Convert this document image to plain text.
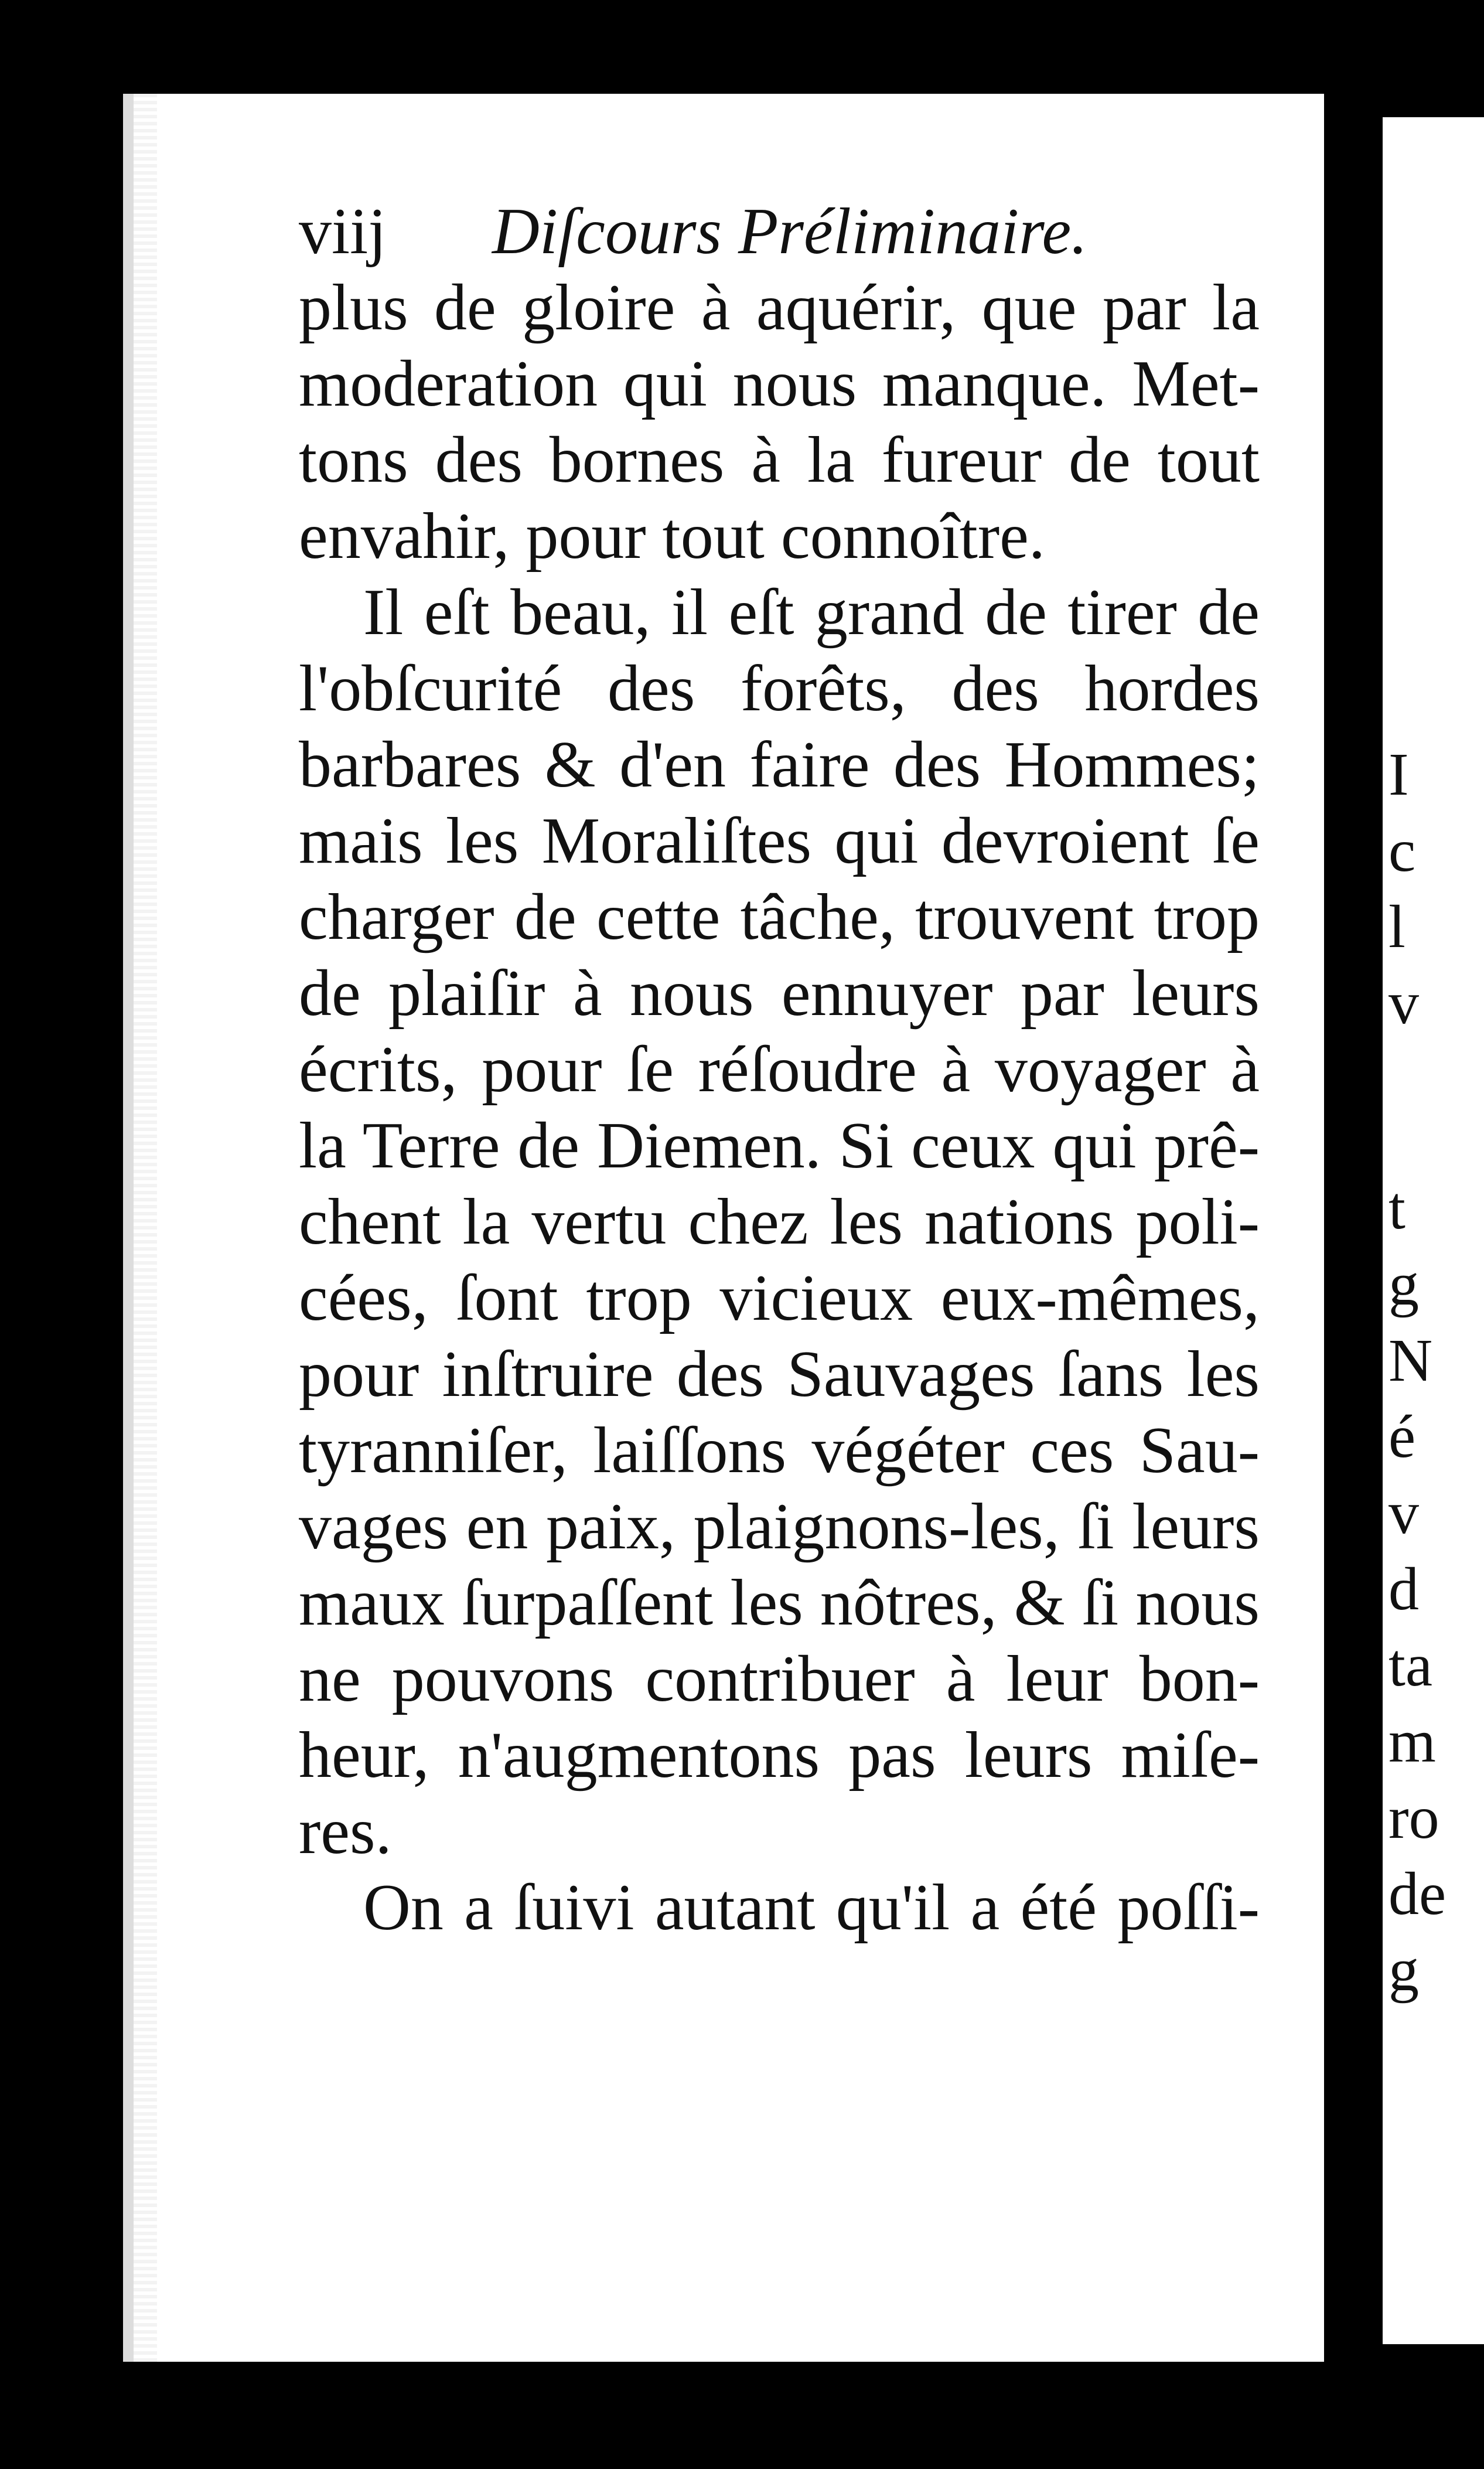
I
c
l
v
t
g
N
é
v
d
ta
m
ro
de
g
viij	Diſcours Préliminaire.
plus de gloire à aquérir, que par la
moderation qui nous manque. Met-
tons des bornes à la fureur de tout
envahir, pour tout connoître.
Il eſt beau, il eſt grand de tirer de
l'obſcurité des forêts, des hordes
barbares & d'en faire des Hommes;
mais les Moraliſtes qui devroient ſe
charger de cette tâche, trouvent trop
de plaiſir à nous ennuyer par leurs
écrits, pour ſe réſoudre à voyager à
la Terre de Diemen. Si ceux qui prê-
chent la vertu chez les nations poli-
cées, ſont trop vicieux eux-mêmes,
pour inſtruire des Sauvages ſans les
tyranniſer, laiſſons végéter ces Sau-
vages en paix, plaignons-les, ſi leurs
maux ſurpaſſent les nôtres, & ſi nous
ne pouvons contribuer à leur bon-
heur, n'augmentons pas leurs miſe-
res.
On a ſuivi autant qu'il a été poſſi-
